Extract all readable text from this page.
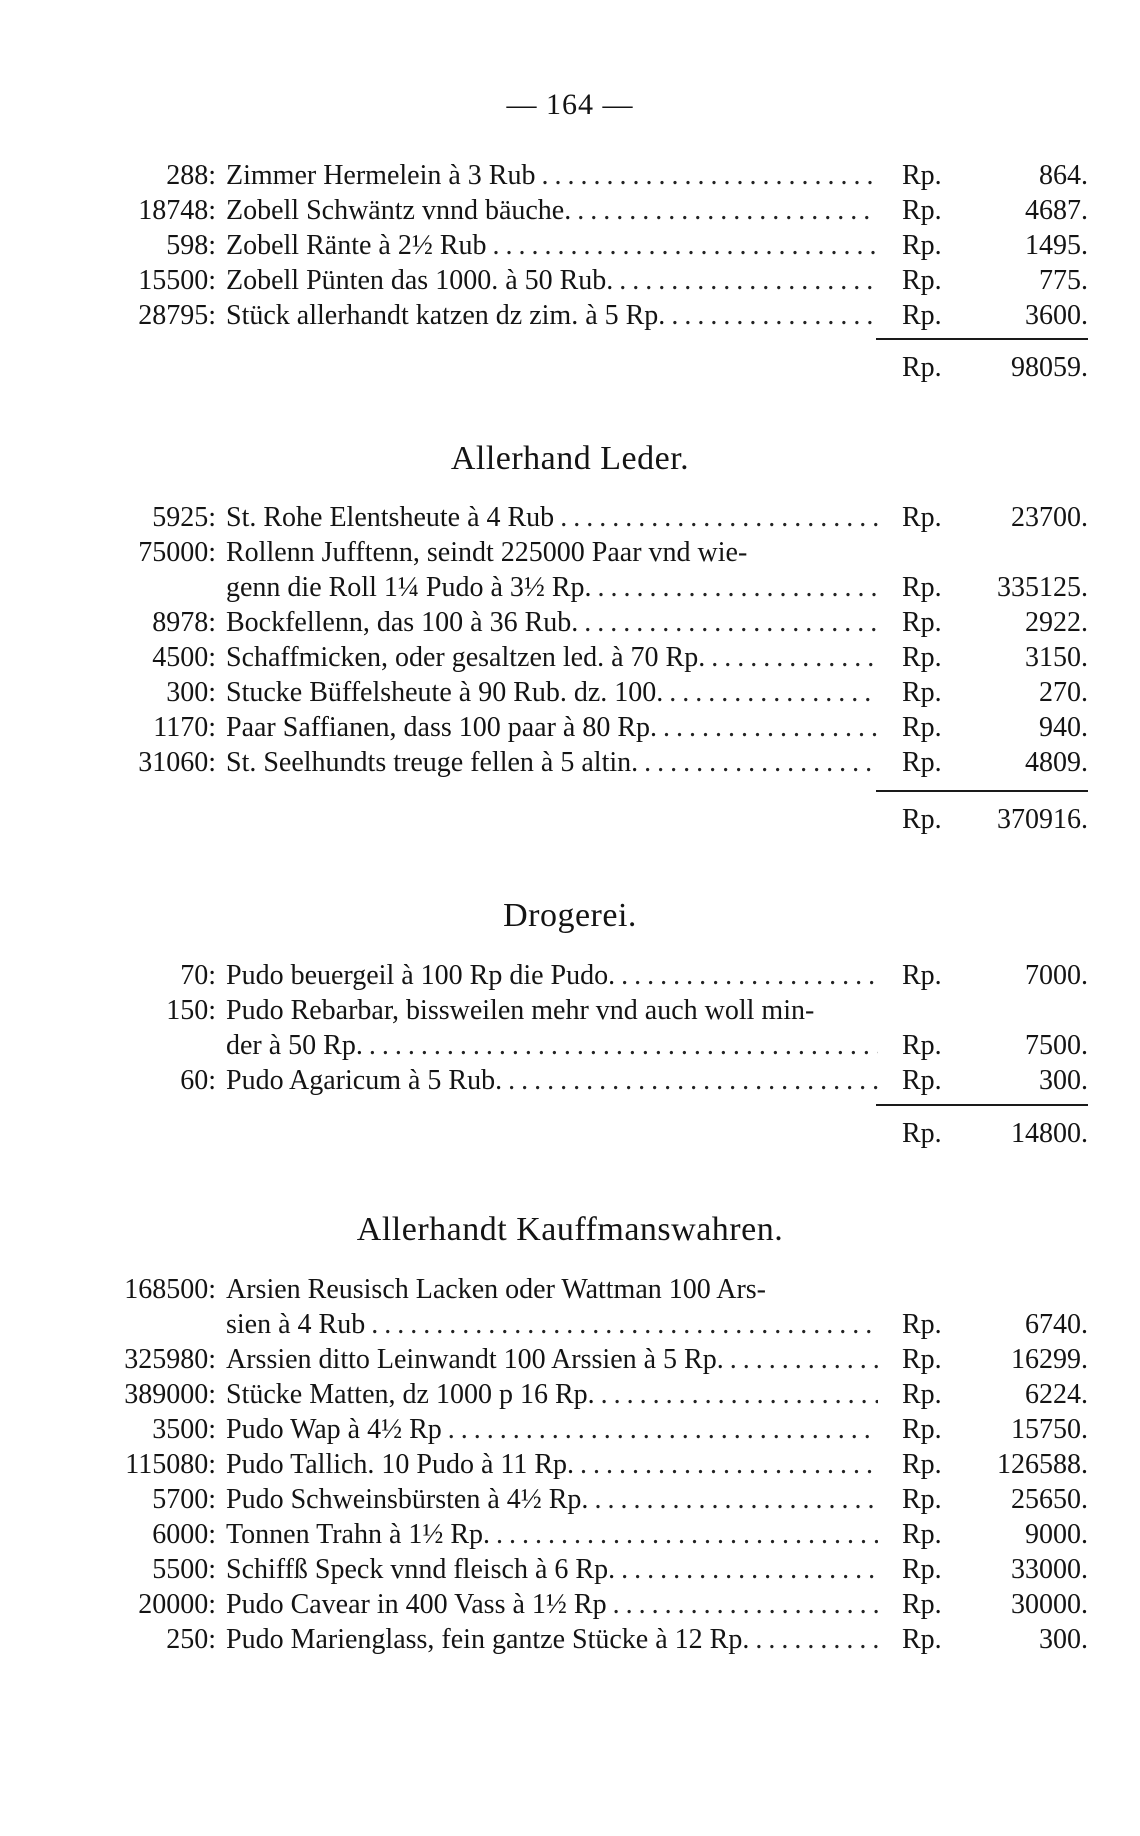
— 164 —
288: Zimmer Hermelein à 3 Rub .....	Rp.	864.
18748: Zobell Schwäntz vnnd bäuche. .....	Rp.	4687.
598: Zobell Ränte à 2½ Rub .....	Rp.	1495.
15500: Zobell Pünten das 1000. à 50 Rub. .....	Rp.	775.
28795: Stück allerhandt katzen dz zim. à 5 Rp. .....	Rp.	3600.
Rp.	98059.
Allerhand Leder.
5925: St. Rohe Elentsheute à 4 Rub .....	Rp.	23700.
75000: Rollenn Jufftenn, seindt 225000 Paar vnd wie-
genn die Roll 1¼ Pudo à 3½ Rp. .....	Rp.	335125.
8978: Bockfellenn, das 100 à 36 Rub. .....	Rp.	2922.
4500: Schaffmicken, oder gesaltzen led. à 70 Rp. .....	Rp.	3150.
300: Stucke Büffelsheute à 90 Rub. dz. 100. .....	Rp.	270.
1170: Paar Saffianen, dass 100 paar à 80 Rp. .....	Rp.	940.
31060: St. Seelhundts treuge fellen à 5 altin. .....	Rp.	4809.
Rp.	370916.
Drogerei.
70: Pudo beuergeil à 100 Rp die Pudo. .....	Rp.	7000.
150: Pudo Rebarbar, bissweilen mehr vnd auch woll min-
der à 50 Rp. .....	Rp.	7500.
60: Pudo Agaricum à 5 Rub. .....	Rp.	300.
Rp.	14800.
Allerhandt Kauffmanswahren.
168500: Arsien Reusisch Lacken oder Wattman 100 Ars-
sien à 4 Rub .....	Rp.	6740.
325980: Arssien ditto Leinwandt 100 Arssien à 5 Rp. .....	Rp.	16299.
389000: Stücke Matten, dz 1000 p 16 Rp. .....	Rp.	6224.
3500: Pudo Wap à 4½ Rp .....	Rp.	15750.
115080: Pudo Tallich. 10 Pudo à 11 Rp. .....	Rp.	126588.
5700: Pudo Schweinsbürsten à 4½ Rp. .....	Rp.	25650.
6000: Tonnen Trahn à 1½ Rp. .....	Rp.	9000.
5500: Schiffß Speck vnnd fleisch à 6 Rp. .....	Rp.	33000.
20000: Pudo Cavear in 400 Vass à 1½ Rp .....	Rp.	30000.
250: Pudo Marienglass, fein gantze Stücke à 12 Rp. .....	Rp.	300.
